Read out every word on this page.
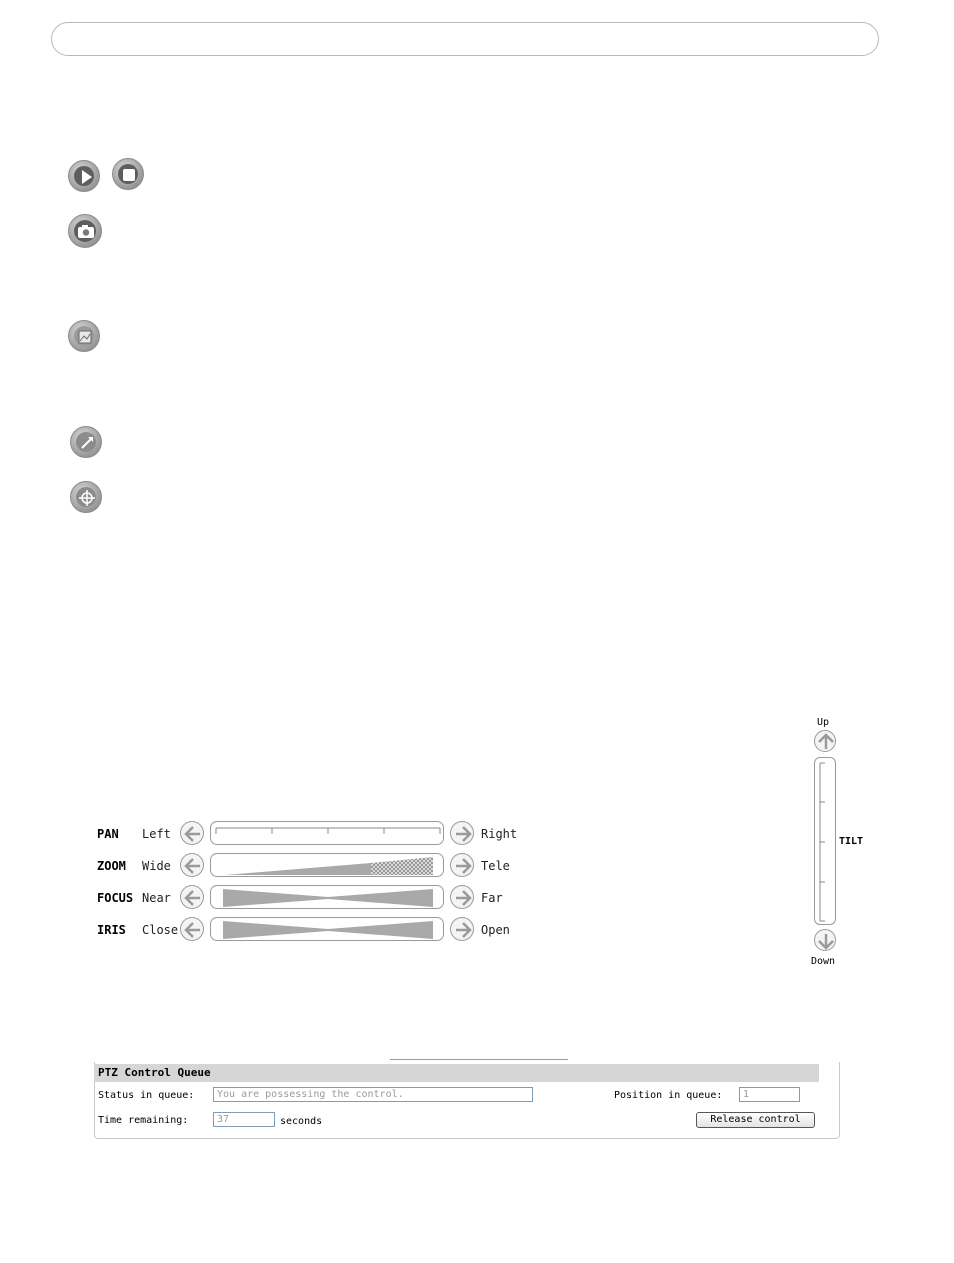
PAN Left	Right
ZOOM Wide	Tele
FOCUS Near	Far
IRIS Close	Open
Up
TILT
Down
PTZ Control Queue
Status in queue:	You are possessing the control.	Position in queue:	1
Time remaining:	37	seconds	Release control
